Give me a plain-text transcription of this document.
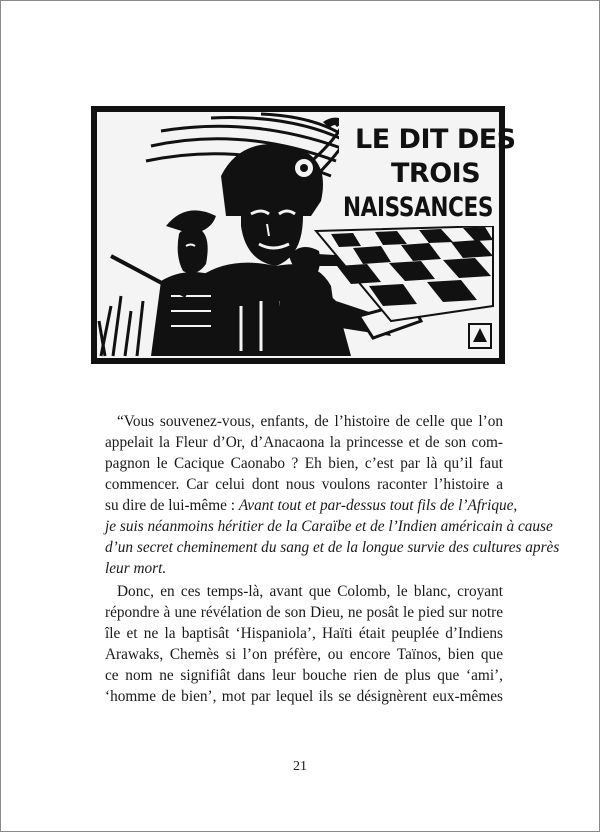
LE DIT DES
TROIS
NAISSANCES
“Vous souvenez-vous, enfants, de l’histoire de celle que l’on
appelait la Fleur d’Or, d’Anacaona la princesse et de son com-
pagnon le Cacique Caonabo ? Eh bien, c’est par là qu’il faut
commencer. Car celui dont nous voulons raconter l’histoire a
su dire de lui-même : Avant tout et par-dessus tout fils de l’Afrique,
je suis néanmoins héritier de la Caraïbe et de l’Indien américain à cause
d’un secret cheminement du sang et de la longue survie des cultures après
leur mort.
Donc, en ces temps-là, avant que Colomb, le blanc, croyant
répondre à une révélation de son Dieu, ne posât le pied sur notre
île et ne la baptisât ‘Hispaniola’, Haïti était peuplée d’Indiens
Arawaks, Chemès si l’on préfère, ou encore Taïnos, bien que
ce nom ne signifiât dans leur bouche rien de plus que ‘ami’,
‘homme de bien’, mot par lequel ils se désignèrent eux-mêmes
21
